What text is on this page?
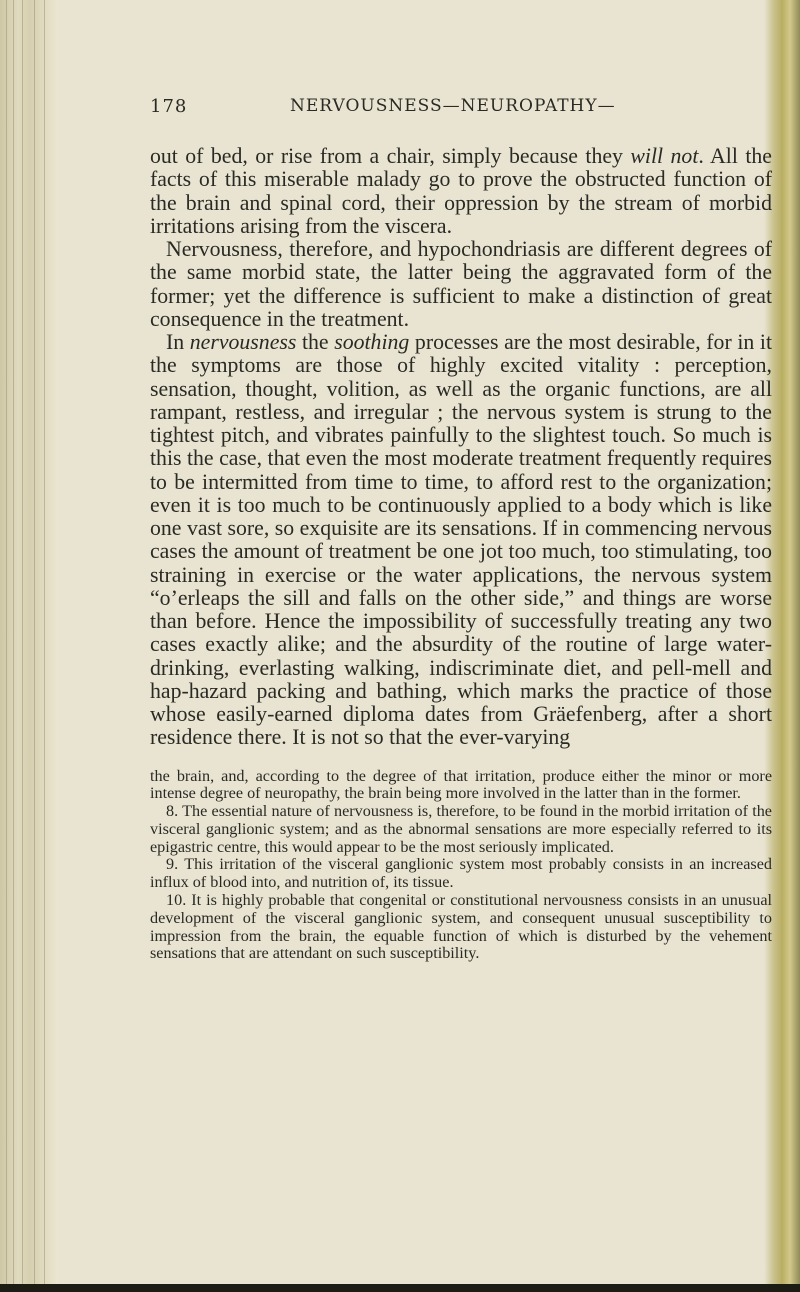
178	NERVOUSNESS—NEUROPATHY—

out of bed, or rise from a chair, simply because they will not. All the facts of this miserable malady go to prove the obstructed function of the brain and spinal cord, their oppression by the stream of morbid irritations arising from the viscera.

Nervousness, therefore, and hypochondriasis are different degrees of the same morbid state, the latter being the aggravated form of the former; yet the difference is sufficient to make a distinction of great consequence in the treatment.

In nervousness the soothing processes are the most desirable, for in it the symptoms are those of highly excited vitality : perception, sensation, thought, volition, as well as the organic functions, are all rampant, restless, and irregular ; the nervous system is strung to the tightest pitch, and vibrates painfully to the slightest touch. So much is this the case, that even the most moderate treatment frequently requires to be intermitted from time to time, to afford rest to the organization; even it is too much to be continuously applied to a body which is like one vast sore, so exquisite are its sensations. If in commencing nervous cases the amount of treatment be one jot too much, too stimulating, too straining in exercise or the water applications, the nervous system “o’erleaps the sill and falls on the other side,” and things are worse than before. Hence the impossibility of successfully treating any two cases exactly alike; and the absurdity of the routine of large water-drinking, everlasting walking, indiscriminate diet, and pell-mell and hap-hazard packing and bathing, which marks the practice of those whose easily-earned diploma dates from Gräefenberg, after a short residence there. It is not so that the ever-varying

the brain, and, according to the degree of that irritation, produce either the minor or more intense degree of neuropathy, the brain being more involved in the latter than in the former.

8. The essential nature of nervousness is, therefore, to be found in the morbid irritation of the visceral ganglionic system; and as the abnormal sensations are more especially referred to its epigastric centre, this would appear to be the most seriously implicated.

9. This irritation of the visceral ganglionic system most probably consists in an increased influx of blood into, and nutrition of, its tissue.

10. It is highly probable that congenital or constitutional nervousness consists in an unusual development of the visceral ganglionic system, and consequent unusual susceptibility to impression from the brain, the equable function of which is disturbed by the vehement sensations that are attendant on such susceptibility.
